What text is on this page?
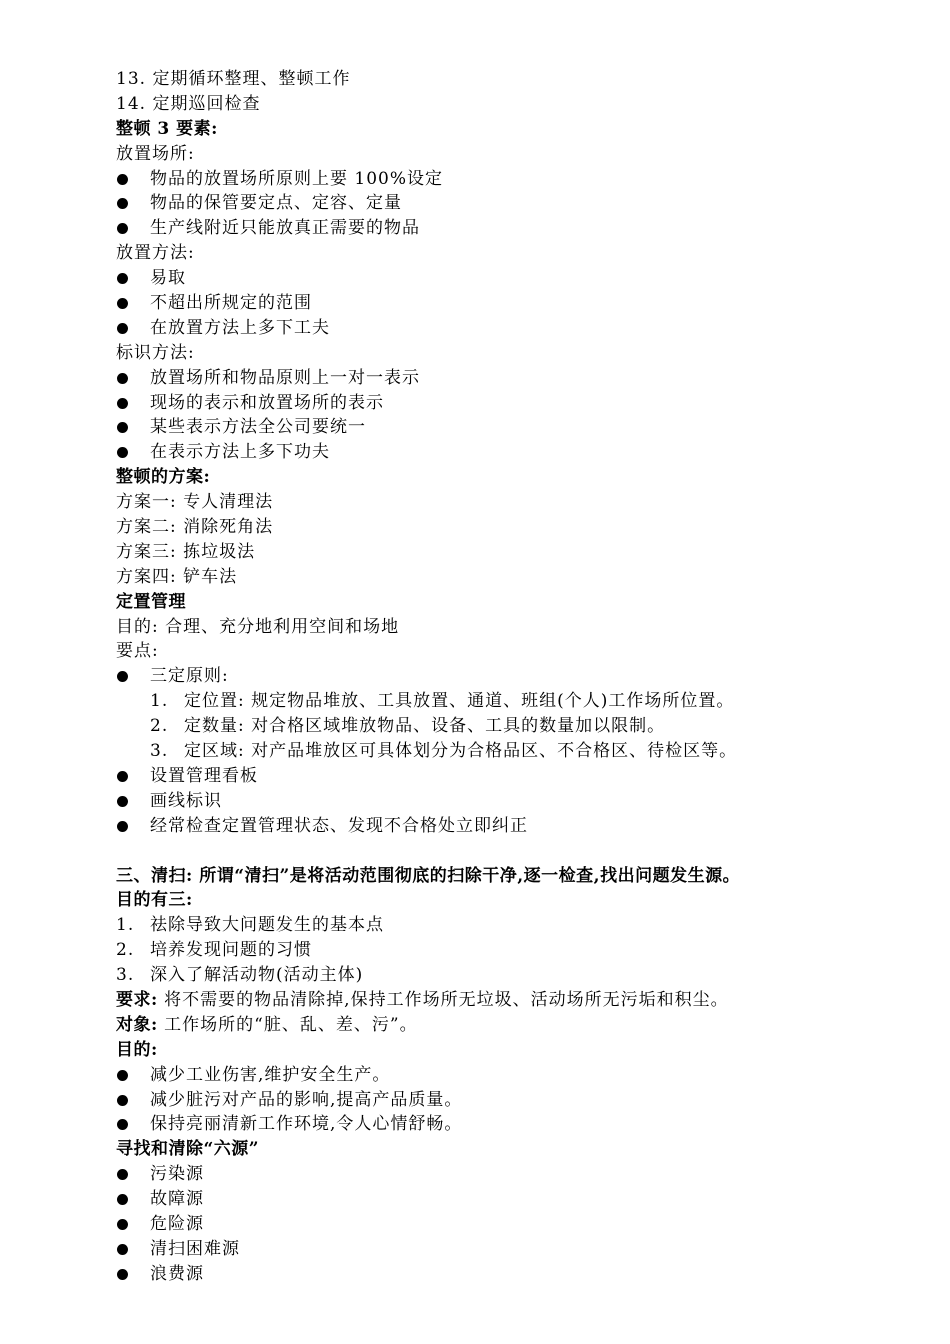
13. 定期循环整理、整顿工作
14. 定期巡回检查
整顿 3 要素:
放置场所:
物品的放置场所原则上要 100%设定
物品的保管要定点、定容、定量
生产线附近只能放真正需要的物品
放置方法:
易取
不超出所规定的范围
在放置方法上多下工夫
标识方法:
放置场所和物品原则上一对一表示
现场的表示和放置场所的表示
某些表示方法全公司要统一
在表示方法上多下功夫
整顿的方案:
方案一: 专人清理法
方案二: 消除死角法
方案三: 拣垃圾法
方案四: 铲车法
定置管理
目的: 合理、充分地利用空间和场地
要点:
三定原则:
1. 定位置: 规定物品堆放、工具放置、通道、班组(个人)工作场所位置。
2. 定数量: 对合格区域堆放物品、设备、工具的数量加以限制。
3. 定区域: 对产品堆放区可具体划分为合格品区、不合格区、待检区等。
设置管理看板
画线标识
经常检查定置管理状态、发现不合格处立即纠正
三、清扫: 所谓“清扫”是将活动范围彻底的扫除干净,逐一检查,找出问题发生源。
目的有三:
1. 祛除导致大问题发生的基本点
2. 培养发现问题的习惯
3. 深入了解活动物(活动主体)
要求: 将不需要的物品清除掉,保持工作场所无垃圾、活动场所无污垢和积尘。
对象: 工作场所的“脏、乱、差、污”。
目的:
减少工业伤害,维护安全生产。
减少脏污对产品的影响,提高产品质量。
保持亮丽清新工作环境,令人心情舒畅。
寻找和清除“六源”
污染源
故障源
危险源
清扫困难源
浪费源
